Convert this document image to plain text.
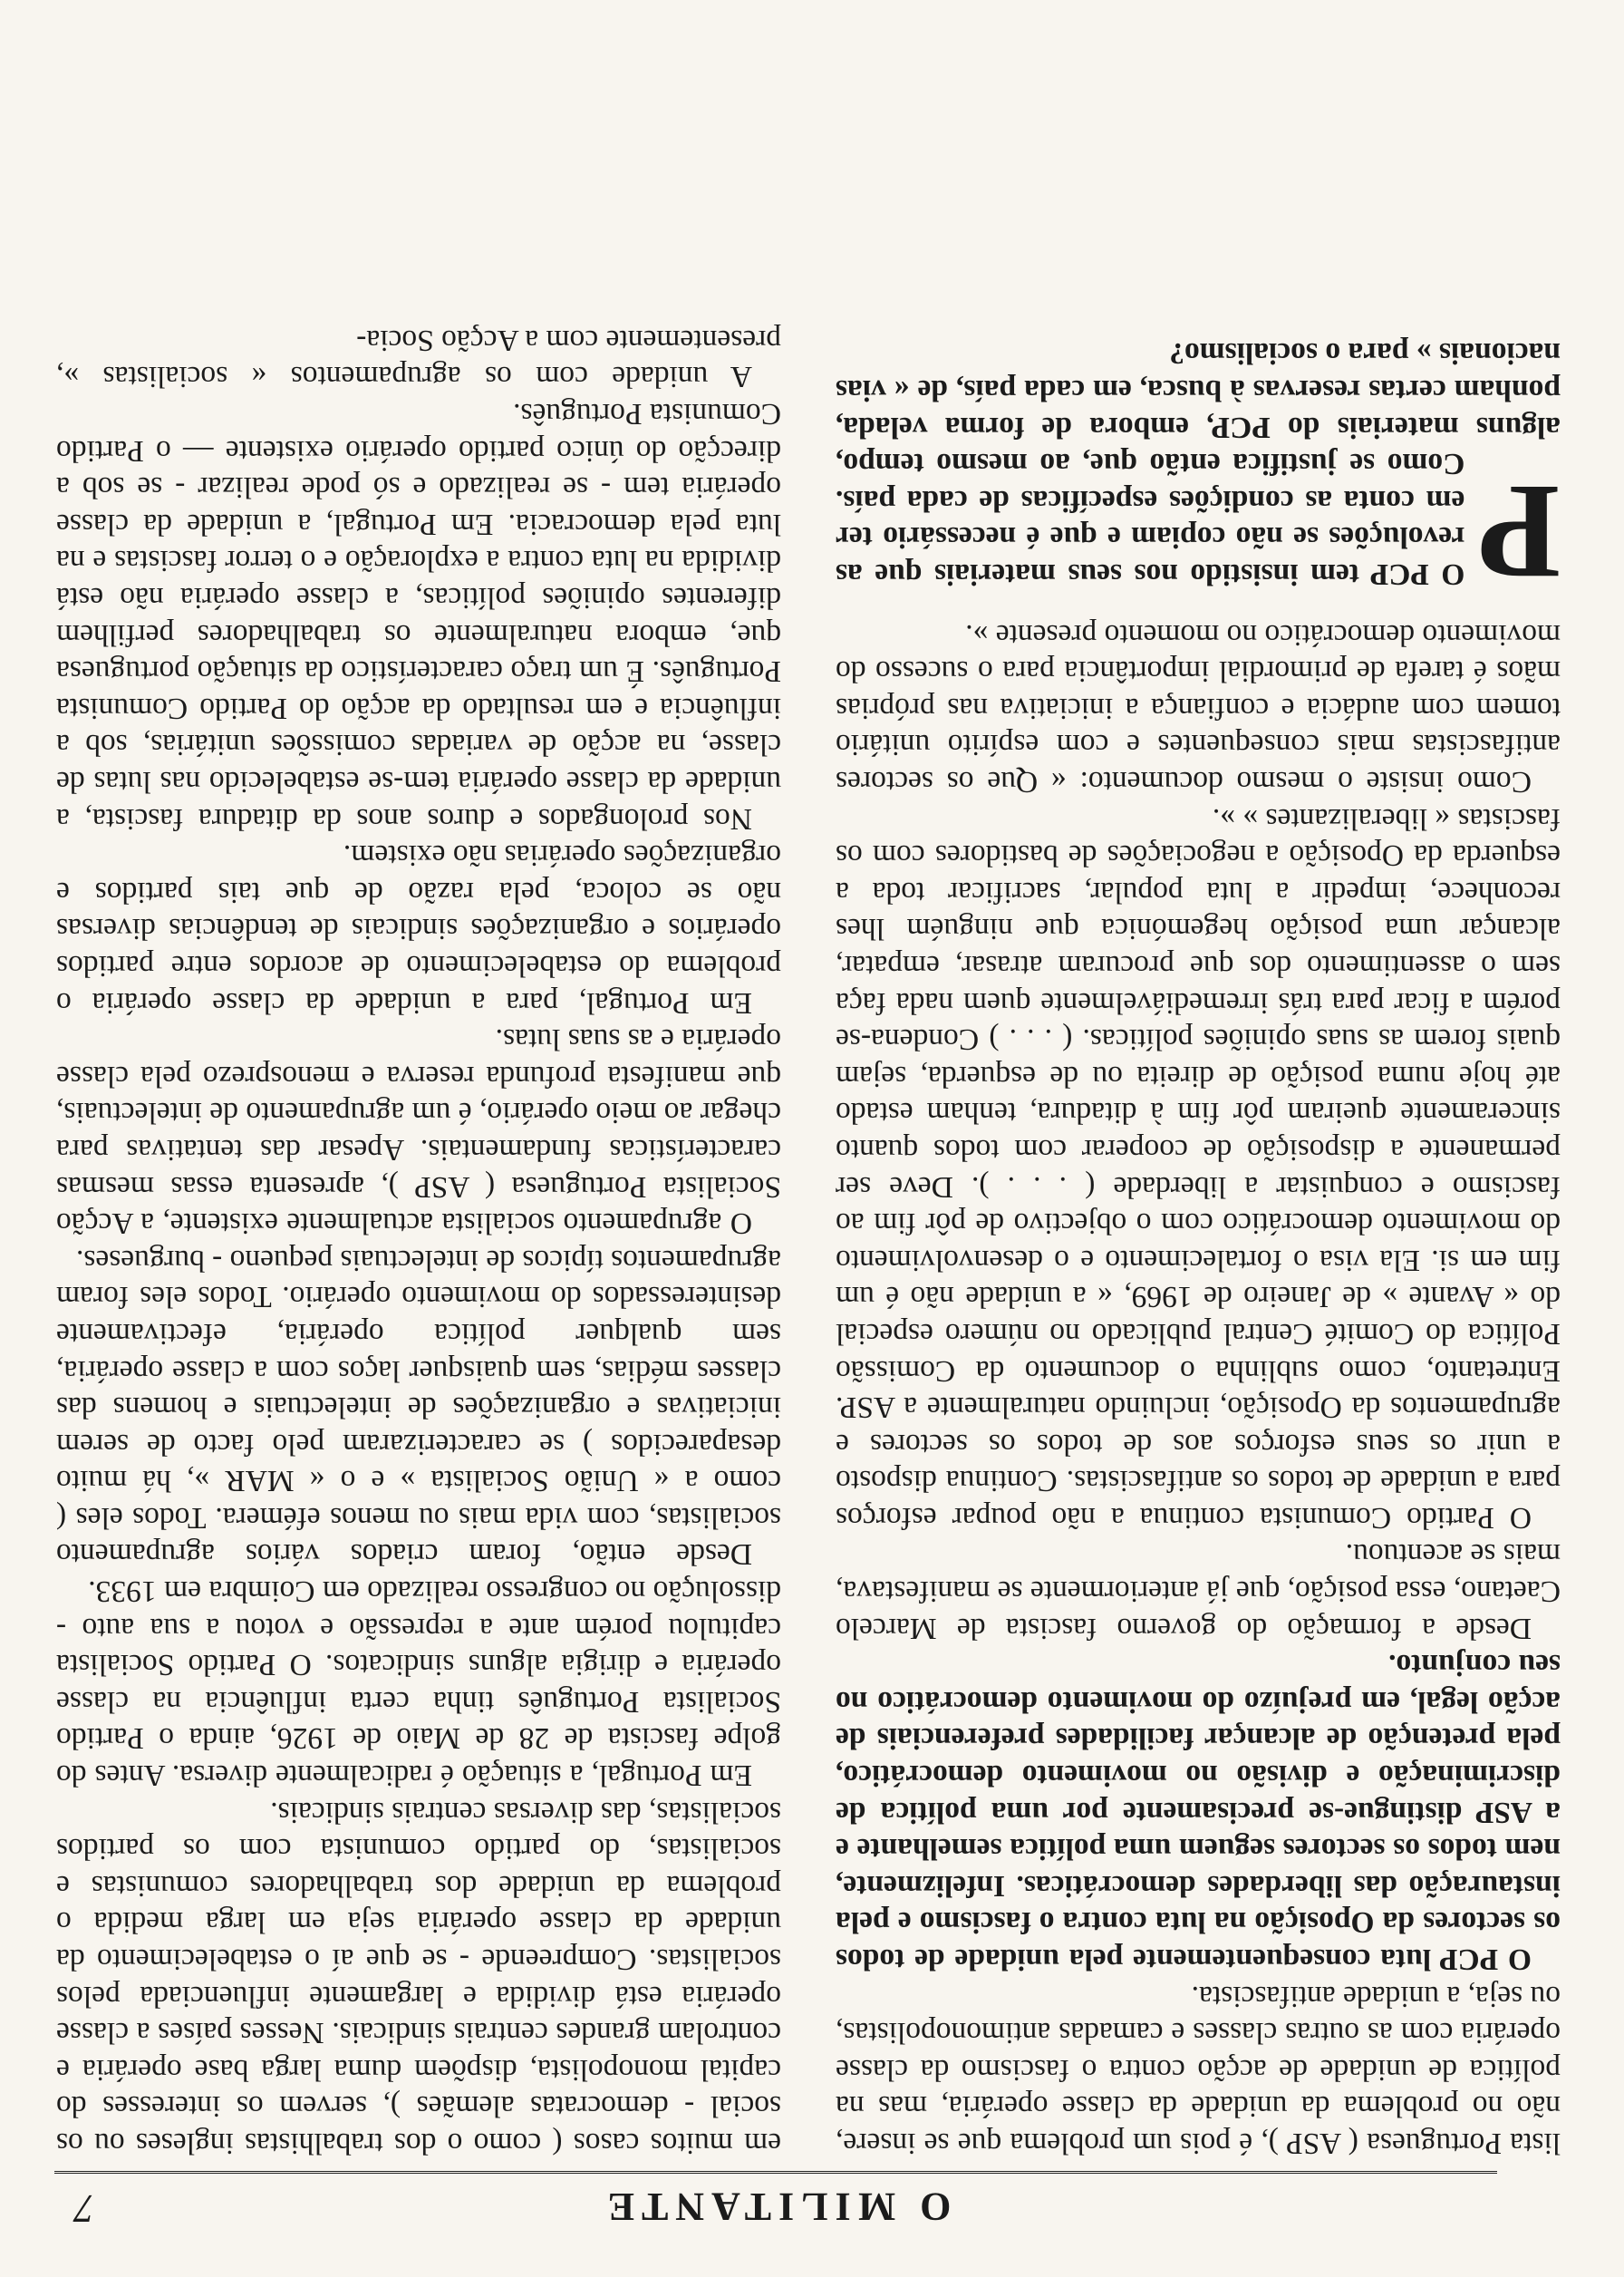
O MILITANTE
7

lista Portuguesa ( ASP ), é pois um problema que se insere, não no problema da unidade da classe operária, mas na política de unidade de acção contra o fascismo da classe operária com as outras classes e camadas antimonopolistas, ou seja, a unidade antifascista.

O PCP luta consequentemente pela unidade de todos os sectores da Oposição na luta contra o fascismo e pela instauração das liberdades democráticas. Infelizmente, nem todos os sectores seguem uma política semelhante e a ASP distingue-se precisamente por uma política de discriminação e divisão no movimento democrático, pela pretenção de alcançar facilidades preferenciais de acção legal, em prejuízo do movimento democrático no seu conjunto.

Desde a formação do governo fascista de Marcelo Caetano, essa posição, que já anteriormente se manifestava, mais se acentuou.

O Partido Comunista continua a não poupar esforços para a unidade de todos os antifascistas. Continua disposto a unir os seus esforços aos de todos os sectores e agrupamentos da Oposição, incluindo naturalmente a ASP. Entretanto, como sublinha o documento da Comissão Política do Comité Central publicado no número especial do « Avante » de Janeiro de 1969, « a unidade não é um fim em si. Ela visa o fortalecimento e o desenvolvimento do movimento democrático com o objectivo de pôr fim ao fascismo e conquistar a liberdade ( . . . ). Deve ser permanente a disposição de cooperar com todos quanto sinceramente queiram pôr fim à ditadura, tenham estado até hoje numa posição de direita ou de esquerda, sejam quais forem as suas opiniões políticas. ( . . . ) Condena-se porém a ficar para trás irremediávelmente quem nada faça sem o assentimento dos que procuram atrasar, empatar, alcançar uma posição hegemónica que ninguém lhes reconhece, impedir a luta popular, sacrificar toda a esquerda da Oposição a negociações de bastidores com os fascistas « liberalizantes » ».

Como insiste o mesmo documento: « Que os sectores antifascistas mais consequentes e com espírito unitário tomem com audácia e confiança a iniciativa nas próprias mãos é tarefa de primordial importância para o sucesso do movimento democrático no momento presente ».

P
O PCP tem insistido nos seus materiais que as revoluções se não copiam e que é necessário ter em conta as condições específicas de cada país. Como se justifica então que, ao mesmo tempo, alguns materiais do PCP, embora de forma velada, ponham certas reservas à busca, em cada país, de « vias nacionais » para o socialismo?

em muitos casos ( como o dos trabalhistas ingleses ou os social - democratas alemães ), servem os interesses do capital monopolista, dispõem duma larga base operária e controlam grandes centrais sindicais. Nesses países a classe operária está dividida e largamente influenciada pelos socialistas. Compreende - se que aí o estabelecimento da unidade da classe operária seja em larga medida o problema da unidade dos trabalhadores comunistas e socialistas, do partido comunista com os partidos socialistas, das diversas centrais sindicais.

Em Portugal, a situação é radicalmente diversa. Antes do golpe fascista de 28 de Maio de 1926, ainda o Partido Socialista Português tinha certa influência na classe operária e dirigia alguns sindicatos. O Partido Socialista capitulou porém ante a repressão e votou a sua auto - dissolução no congresso realizado em Coimbra em 1933.

Desde então, foram criados vários agrupamento socialistas, com vida mais ou menos efémera. Todos eles ( como a « União Socialista » e o « MAR », há muito desaparecidos ) se caracterizaram pelo facto de serem iniciativas e organizações de intelectuais e homens das classes médias, sem quaisquer laços com a classe operária, sem qualquer política operária, efectivamente desinteressados do movimento operário. Todos eles foram agrupamentos típicos de intelectuais pequeno - burgueses.

O agrupamento socialista actualmente existente, a Acção Socialista Portuguesa ( ASP ), apresenta essas mesmas características fundamentais. Apesar das tentativas para chegar ao meio operário, é um agrupamento de intelectuais, que manifesta profunda reserva e menosprezo pela classe operária e as suas lutas.

Em Portugal, para a unidade da classe operária o problema do estabelecimento de acordos entre partidos operários e organizações sindicais de tendências diversas não se coloca, pela razão de que tais partidos e organizações operárias não existem.

Nos prolongados e duros anos da ditadura fascista, a unidade da classe operária tem-se estabelecido nas lutas de classe, na acção de variadas comissões unitárias, sob a influência e em resultado da acção do Partido Comunista Português. É um traço característico da situação portuguesa que, embora naturalmente os trabalhadores perfilhem diferentes opiniões políticas, a classe operária não está dividida na luta contra a exploração e o terror fascistas e na luta pela democracia. Em Portugal, a unidade da classe operária tem - se realizado e só pode realizar - se sob a direcção do único partido operário existente — o Partido Comunista Português.

A unidade com os agrupamentos « socialistas », presentemente com a Acção Socia-
